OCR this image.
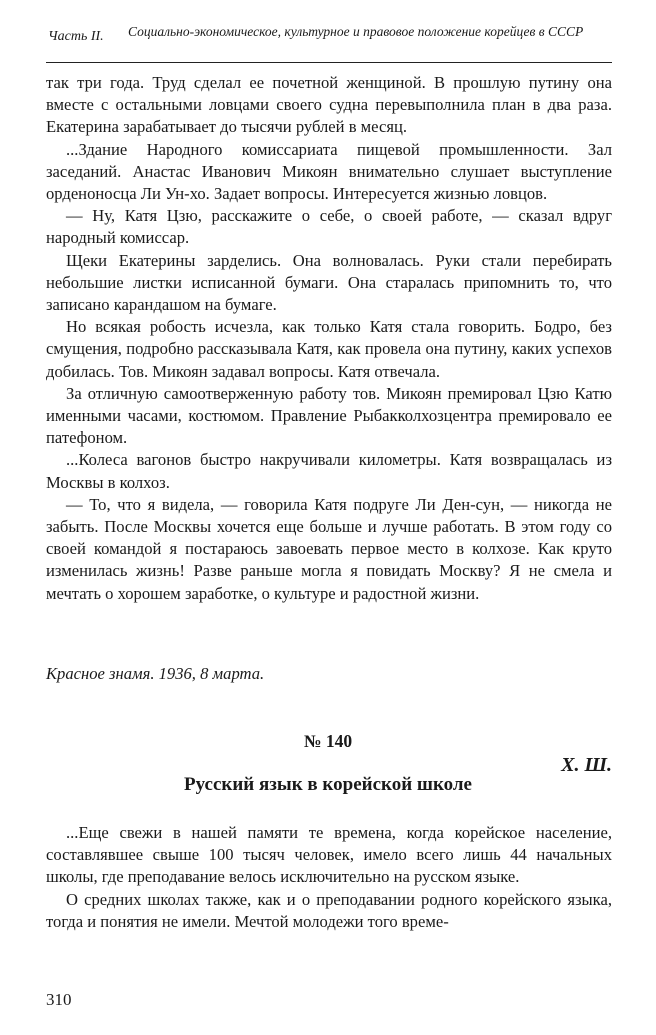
Часть II. Социально-экономическое, культурное и правовое положение корейцев в СССР

так три года. Труд сделал ее почетной женщиной. В прошлую путину она вместе с остальными ловцами своего судна перевыполнила план в два раза. Екатерина зарабатывает до тысячи рублей в месяц.

...Здание Народного комиссариата пищевой промышленности. Зал заседаний. Анастас Иванович Микоян внимательно слушает выступление орденоносца Ли Ун-хо. Задает вопросы. Интересуется жизнью ловцов.

— Ну, Катя Цзю, расскажите о себе, о своей работе, — сказал вдруг народный комиссар.

Щеки Екатерины зарделись. Она волновалась. Руки стали перебирать небольшие листки исписанной бумаги. Она старалась припомнить то, что записано карандашом на бумаге.

Но всякая робость исчезла, как только Катя стала говорить. Бодро, без смущения, подробно рассказывала Катя, как провела она путину, каких успехов добилась. Тов. Микоян задавал вопросы. Катя отвечала.

За отличную самоотверженную работу тов. Микоян премировал Цзю Катю именными часами, костюмом. Правление Рыбакколхозцентра премировало ее патефоном.

...Колеса вагонов быстро накручивали километры. Катя возвращалась из Москвы в колхоз.

— То, что я видела, — говорила Катя подруге Ли Ден-сун, — никогда не забыть. После Москвы хочется еще больше и лучше работать. В этом году со своей командой я постараюсь завоевать первое место в колхозе. Как круто изменилась жизнь! Разве раньше могла я повидать Москву? Я не смела и мечтать о хорошем заработке, о культуре и радостной жизни.

Красное знамя. 1936, 8 марта.
№ 140
Х. Ш.
Русский язык в корейской школе

...Еще свежи в нашей памяти те времена, когда корейское население, составлявшее свыше 100 тысяч человек, имело всего лишь 44 начальных школы, где преподавание велось исключительно на русском языке.

О средних школах также, как и о преподавании родного корейского языка, тогда и понятия не имели. Мечтой молодежи того време-

310
